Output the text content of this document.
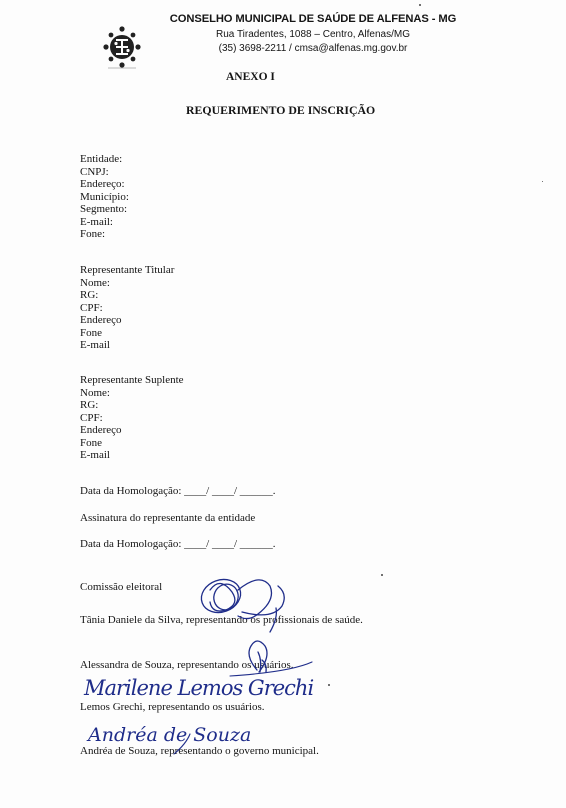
CONSELHO MUNICIPAL DE SAÚDE DE ALFENAS - MG
Rua Tiradentes, 1088 – Centro, Alfenas/MG
(35) 3698-2211 / cmsa@alfenas.mg.gov.br
ANEXO I
REQUERIMENTO DE INSCRIÇÃO
Entidade:
CNPJ:
Endereço:
Município:
Segmento:
E-mail:
Fone:
Representante Titular
Nome:
RG:
CPF:
Endereço
Fone
E-mail
Representante Suplente
Nome:
RG:
CPF:
Endereço
Fone
E-mail
Data da Homologação: ____/ ____/ ______.
Assinatura do representante da entidade
Data da Homologação: ____/ ____/ ______.
Comissão eleitoral
Tânia Daniele da Silva, representando os profissionais de saúde.
Alessandra de Souza, representando os usuários.
Lemos Grechi, representando os usuários.
Andréa de Souza, representando o governo municipal.
Marilene Lemos Grechi
Andréa de Souza
